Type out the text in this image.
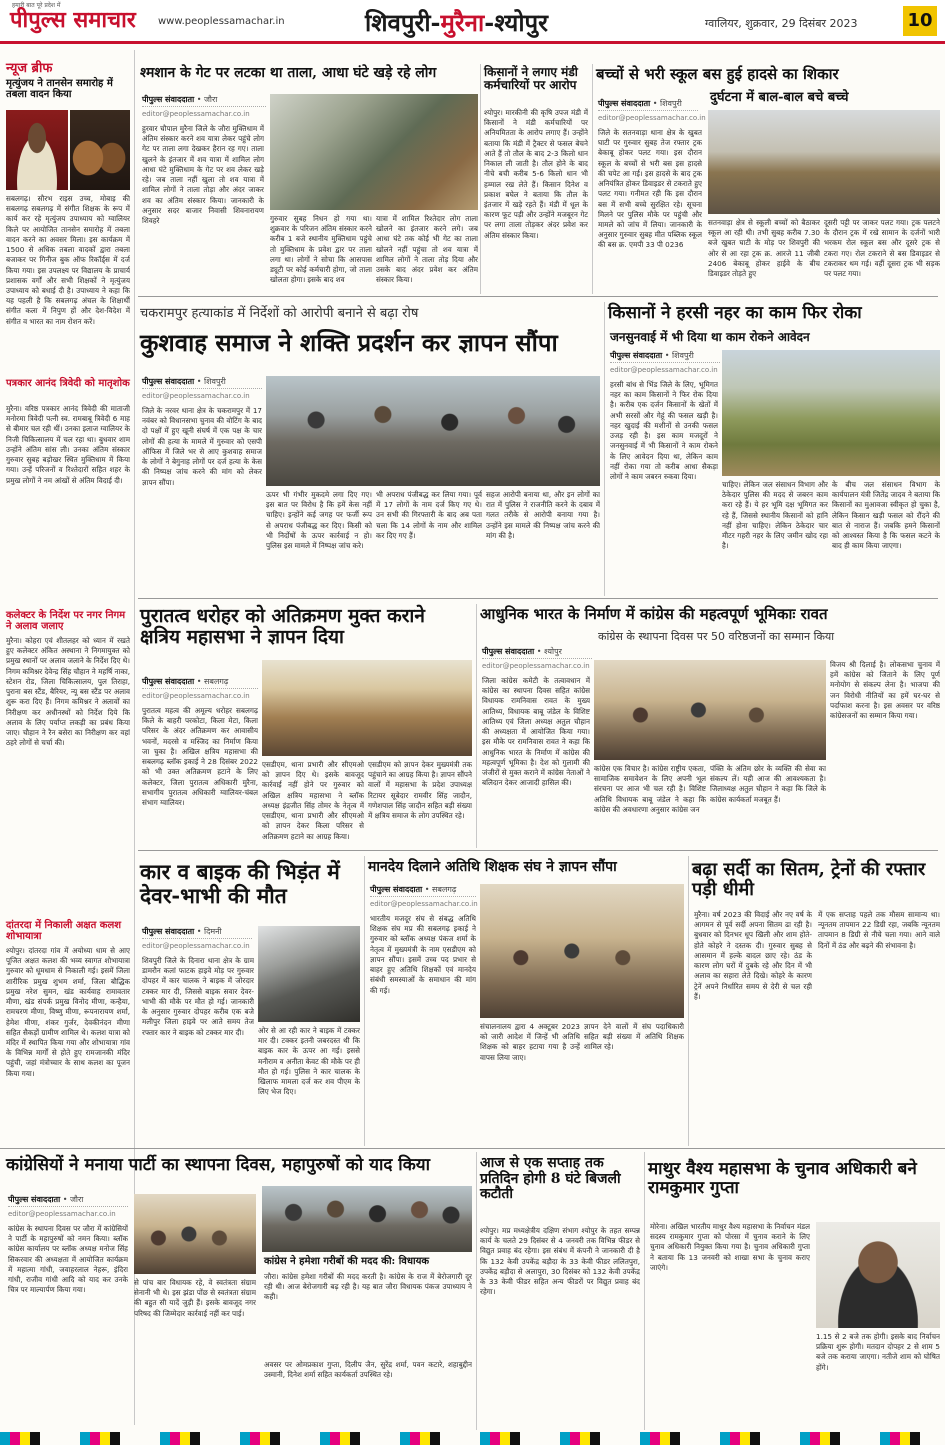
हमारी बात पूरे प्रदेश में
पीपुल्स समाचार www.peoplessamachar.in	शिवपुरी-मुरैना-श्योपुर	ग्वालियर, शुक्रवार, 29 दिसंबर 2023	10
न्यूज ब्रीफ
मृत्युंजय ने तानसेन समारोह में तबला वादन किया
सबलगढ़। सौरभ राइस उच्च, मोबाइ की सबलगढ़ सबलगढ़ में संगीत शिक्षक के रूप में कार्य कर रहे मृत्युंजय उपाध्याय को ग्वालियर किले पर आयोजित तानसेन समारोह में तबला वादन करने का अवसर मिला। इस कार्यक्रम में 1500 से अधिक तबला वादकों द्वारा तबला बजाकर पर गिनीज बुक ऑफ रिकॉर्ड्स में दर्ज किया गया। इस उपलक्ष्य पर विद्यालय के प्राचार्य प्रशासक वर्गों और सभी शिक्षकों ने मृत्युंजय उपाध्याय को बधाई दी है। उपाध्याय ने कहा कि यह पहली है कि सबलगढ़ अंचल के शिक्षार्थी संगीत कला में निपुण हों और देश-विदेश में संगीत व भारत का नाम रोशन करें।
पत्रकार आनंद त्रिवेदी को मातृशोक
मुरैना। वरिष्ठ पत्रकार आनंद त्रिवेदी की माताजी मनोरमा त्रिवेदी पत्नी स्व. रामबाबू त्रिवेदी 6 माह से बीमार चल रही थीं। उनका इलाज ग्वालियर के निजी चिकित्सालय में चल रहा था। बुधवार शाम उन्होंने अंतिम सांस ली। उनका अंतिम संस्कार गुरुवार सुबह बड़ोखर स्थित मुक्तिधाम में किया गया। उन्हें परिजनों व रिश्तेदारों सहित शहर के प्रमुख लोगों ने नम आंखों से अंतिम विदाई दी।
कलेक्टर के निर्देश पर नगर निगम ने अलाव जलाए
मुरैना। कोहरा एवं शीतलहर को ध्यान में रखते हुए कलेक्टर अंकित अस्थाना ने निगमायुक्त को प्रमुख स्थानों पर अलाव जलाने के निर्देश दिए थे। निगम कमिश्नर देवेन्द्र सिंह चौहान ने महर्षि नाका, स्टेशन रोड, जिला चिकित्सालय, पुल तिराहा, पुराना बस स्टैंड, बैरियर, न्यू बस स्टैंड पर अलाव शुरू करा दिए हैं। निगम कमिश्नर ने अलावों का निरीक्षण कर अधीनस्थों को निर्देश दिये कि अलाव के लिए पर्याप्त लकड़ी का प्रबंध किया जाए। चौहान ने रैन बसेरा का निरीक्षण कर वहां ठहरे लोगों से चर्चा की।
दांतरदा में निकाली अक्षत कलश शोभायात्रा
श्योपुर। दांतरदा गांव में अयोध्या धाम से आए पूजित अक्षत कलश की भव्य स्वागत शोभायात्रा गुरुवार को धूमधाम से निकाली गई। इसमें जिला शारीरिक प्रमुख शुभम शर्मा, जिला बौद्धिक प्रमुख नरेश सुमन, खंड कार्यवाह रामावतार मीणा, खंड संपर्क प्रमुख विनोद मीणा, कन्हैया, रामचरण मीणा, विष्णु मीणा, रूपनारायण शर्मा, हेमेश मीणा, शंकर गुर्जर, देवकीनंदन मीणा सहित सैकड़ों ग्रामीण शामिल थे। कलश यात्रा को मंदिर में स्थापित किया गया और शोभायात्रा गांव के विभिन्न मार्गों से होते हुए रामजानकी मंदिर पहुंची, जहां मंत्रोच्चार के साथ कलश का पूजन किया गया।
श्मशान के गेट पर लटका था ताला, आधा घंटे खड़े रहे लोग
पीपुल्स संवाददाता • जौरा
editor@peoplessamachar.co.in
हुरवार चौपाल मुरैना जिले के जौरा मुक्तिधाम में अंतिम संस्कार करने शव यात्रा लेकर पहुंचे लोग गेट पर ताला लगा देखकर हैरान रह गए। ताला खुलने के इंतजार में शव यात्रा में शामिल लोग आधा घंटे मुक्तिधाम के गेट पर शव लेकर खड़े रहे। जब ताला नहीं खुला तो शव यात्रा में शामिल लोगों ने ताला तोड़ा और अंदर जाकर शव का अंतिम संस्कार किया। जानकारी के अनुसार सदर बाजार निवासी शिवनारायण शिवहरे	गुरुवार सुबह निधन हो गया था। शुक्रवार के परिजन अंतिम संस्कार करने करीब 1 बजे स्थानीय मुक्तिधाम पहुंचे तो मुक्तिधाम के प्रवेश द्वार पर ताला लगा था। लोगों ने सोचा कि आसपास ड्यूटी पर कोई कर्मचारी होगा, जो ताला खोलता होगा। इसके बाद शव
यात्रा में शामिल रिश्तेदार लोग ताला खोलने का इंतजार करने लगे। जब आधा घंटे तक कोई भी गेट का ताला खोलने नहीं पहुंचा तो शव यात्रा में शामिल लोगों ने ताला तोड़ दिया और उसके बाद अंदर प्रवेश कर अंतिम संस्कार किया।
किसानों ने लगाए मंडी कर्मचारियों पर आरोप
श्योपुर। मारकीनी की कृषि उपज मंडी में किसानों ने मंडी कर्मचारियों पर अनियमितता के आरोप लगाए हैं। उन्होंने बताया कि मंडी में ट्रैक्टर से फसल बेचने आते हैं तो तौल के बाद 2-3 किलो धान निकाल ली जाती है। तौल होने के बाद नीचे बची करीब 5-6 किलो धान भी हम्माल रख लेते हैं। किसान दिनेश व प्रकाश बघेल ने बताया कि तौल के इंतजार में खड़े रहते हैं। मंडी में धूल के कारण फूट पड़ी और उन्होंने मजबूरन गेट पर लगा ताला तोड़कर अंदर प्रवेश कर अंतिम संस्कार किया।
बच्चों से भरी स्कूल बस हुई हादसे का शिकार
दुर्घटना में बाल-बाल बचे बच्चे
पीपुल्स संवाददाता • शिवपुरी
editor@peoplessamachar.co.in
जिले के सतनवाड़ा थाना क्षेत्र के खुबत घाटी पर गुरुवार सुबह तेज रफ्तार ट्रक बेकाबू होकर पलट गया। इस दौरान स्कूल के बच्चों से भरी बस इस हादसे की चपेट आ गई। इस हादसे के बाद ट्रक अनियंत्रित होकर डिवाइडर से टकराते हुए पलट गया। गनीमत रही कि इस दौरान बस में सभी बच्चे सुरक्षित रहे। सूचना मिलने पर पुलिस मौके पर पहुंची और मामले को जांच में लिया। जानकारी के अनुसार गुरुवार सुबह मीत पब्लिक स्कूल की बस क्र. एमपी 33 पी 0236
सतनवाड़ा क्षेत्र से स्कूली बच्चों को बैठाकर स्कूल आ रही थी। तभी सुबह करीब 7.30 बजे खुबत घाटी के मोड़ पर शिवपुरी की ओर से आ रहा ट्रक क्र. आरजे 11 जीबी 2406 बेकाबू होकर हाईवे के बीच डिवाइडर तोड़ते हुए
दूसरी पट्टी पर जाकर पलट गया। ट्रक पलटने के दौरान ट्रक में रखे सामान के दर्जनों भारी भरकम रोल स्कूल बस और दूसरे ट्रक से टकरा गए। रोल टकराने से बस डिवाइडर से टकराकर थम गई। वहीं दूसरा ट्रक भी सड़क पर पलट गया।
चकरामपुर हत्याकांड में निर्देशों को आरोपी बनाने से बढ़ा रोष
कुशवाह समाज ने शक्ति प्रदर्शन कर ज्ञापन सौंपा
पीपुल्स संवाददाता • शिवपुरी
editor@peoplessamachar.co.in
जिले के नरवर थाना क्षेत्र के चकरामपुर में 17 नवंबर को विधानसभा चुनाव की वोटिंग के बाद दो पक्षों में हुए खूनी संघर्ष में एक पक्ष के चार लोगों की हत्या के मामले में गुरुवार को एसपी ऑफिस में जिले भर से आए कुशवाह समाज के लोगों ने बेगुनाह लोगों पर दर्ज हत्या के केस की निष्पक्ष जांच करने की मांग को लेकर ज्ञापन सौंपा।
ऊपर भी गंभीर मुकदमे लगा दिए गए। इस बात पर विरोध है कि हमें केस नहीं चाहिए। इन्होंने कई जगह पर फर्जी रूप से अपराध पंजीबद्ध कर दिए। किसी को भी निर्दोषों के ऊपर कार्रवाई न हो। पुलिस इस मामले में निष्पक्ष जांच करे।
भी अपराध पंजीबद्ध कर लिया गया। पूर्व में 17 लोगों के नाम दर्ज किए गए थे। उन सभी की गिरफ्तारी के बाद अब पता चला कि 14 लोगों के नाम और शामिल कर दिए गए हैं।
सहज आरोपी बनाया था, और इन लोगों का रात में पुलिस ने राजनीति करने के दबाव में गलत तरीके से आरोपी बनाया गया है। उन्होंने इस मामले की निष्पक्ष जांच करने की मांग की है।
किसानों ने हरसी नहर का काम फिर रोका
जनसुनवाई में भी दिया था काम रोकने आवेदन
पीपुल्स संवाददाता • शिवपुरी
editor@peoplessamachar.co.in
हरसी बांध से भिंड जिले के लिए, भूमिगत नहर का काम किसानों ने फिर रोक दिया है। करीब एक दर्जन किसानों के खेतों में अभी सरसों और गेहूं की फसल खड़ी है। नहर खुदाई की मशीनों से उनकी फसल उजड़ रही है। इस काम मजदूरों ने जनसुनवाई में भी किसानों ने काम रोकने के लिए आवेदन दिया था, लेकिन काम नहीं रोका गया तो करीब आधा सैकड़ा लोगों ने काम जबरन रुकवा दिया।
चाहिए। लेकिन जल संसाधन विभाग और ठेकेदार पुलिस की मदद से जबरन काम करा रहे हैं। ये हर भूमि दक्ष भूमिगत कर रहे हैं, जिससे स्थानीय किसानों को हानि नहीं होना चाहिए। लेकिन ठेकेदार चार मीटर गहरी नहर के लिए जमीन खोद रहा है।
के बीच जल संसाधन विभाग के कार्यपालन यंत्री जितेंद्र जादव ने बताया कि किसानों का मुआवजा स्वीकृत हो चुका है, लेकिन किसान खड़ी फसल को रौंदने की बात से नाराज हैं। जबकि हमने किसानों को आश्वस्त किया है कि फसल कटने के बाद ही काम किया जाएगा।
पुरातत्व धरोहर को अतिक्रमण मुक्त कराने क्षत्रिय महासभा ने ज्ञापन दिया
पीपुल्स संवाददाता • सबलगढ़
editor@peoplessamachar.co.in
पुरातत्व महत्व की अमूल्य धरोहर सबलगढ़ किले के बाहरी परकोटा, किला मेटा, किला परिसर के अंदर अतिक्रमण कर आवासीय भवनों, मदरसे व मस्जिद का निर्माण किया जा चुका है। अखिल क्षत्रिय महासभा की सबलगढ़ ब्लॉक इकाई ने 28 दिसंबर 2022 को भी उक्त अतिक्रमण हटाने के लिए कलेक्टर, जिला पुरातत्व अधिकारी मुरैना, सभागीय पुरातत्व अधिकारी ग्वालियर-चंबल संभाग ग्वालियर।
एसडीएम, थाना प्रभारी और सीएमओ को ज्ञापन दिए थे। इसके बावजूद कार्रवाई नहीं होने पर गुरुवार को अखिल क्षत्रिय महासभा ने ब्लॉक अध्यक्ष इंद्रजीत सिंह तोमर के नेतृत्व में एसडीएम, थाना प्रभारी और सीएमओ को ज्ञापन देकर किला परिसर से अतिक्रमण हटाने का आग्रह किया।
एसडीएम को ज्ञापन देकर मुख्यमंत्री तक पहुंचाने का आग्रह किया है। ज्ञापन सौंपने वालों में महासभा के प्रदेश उपाध्यक्ष रिटायर सूबेदार रामवीर सिंह जादौन, गणेशपाल सिंह जादौन सहित बड़ी संख्या में क्षत्रिय समाज के लोग उपस्थित रहे।
आधुनिक भारत के निर्माण में कांग्रेस की महत्वपूर्ण भूमिकाः रावत
कांग्रेस के स्थापना दिवस पर 50 वरिष्ठजनों का सम्मान किया
पीपुल्स संवाददाता • श्योपुर
editor@peoplessamachar.co.in
जिला कांग्रेस कमेटी के तत्वावधान में कांग्रेस का स्थापना दिवस सहित कांग्रेस विधायक रामनिवास रावत के मुख्य आतिथ्य, विधायक बाबू जंडेल के विशिष्ट आतिथ्य एवं जिला अध्यक्ष अतुल चौहान की अध्यक्षता में आयोजित किया गया। इस मौके पर रामनिवास रावत ने कहा कि आधुनिक भारत के निर्माण में कांग्रेस की महत्वपूर्ण भूमिका है। देश को गुलामी की जंजीरों से मुक्त कराने में कांग्रेस नेताओं ने बलिदान देकर आजादी हासिल की।
कांग्रेस एक विचार है। कांग्रेस राष्ट्रीय एकता, सामाजिक समावेशन के लिए अपनी भूल संरचना पर आज भी चल रही है। विशिष्ट अतिथि विधायक बाबू जंडेल ने कहा कि कांग्रेस की अवधारणा अनुसार कांग्रेस जन
पंक्ति के अंतिम छोर के व्यक्ति की सेवा का संकल्प लें। यही आज की आवश्यकता है। जिलाध्यक्ष अतुल चौहान ने कहा कि जिले के कांग्रेस कार्यकर्ता मजबूत हैं।
विजय श्री दिलाई है। लोकसभा चुनाव में हमें कांग्रेस को जिताने के लिए पूर्ण मनोयोग से संकल्प लेना है। भाजपा की जन विरोधी नीतियों का हमें घर-घर से पर्दाफाश करना है। इस अवसर पर वरिष्ठ कांग्रेसजनों का सम्मान किया गया।
कार व बाइक की भिड़ंत में देवर-भाभी की मौत
पीपुल्स संवाददाता • दिमनी
editor@peoplessamachar.co.in
शिवपुरी जिले के दिनारा थाना क्षेत्र के ग्राम डामरौन कलां फाटक हाइवे मोड़ पर गुरुवार दोपहर में कार चालक ने बाइक में जोरदार टक्कर मार दी, जिससे बाइक सवार देवर-भाभी की मौके पर मौत हो गई। जानकारी के अनुसार गुरुवार दोपहर करीब एक बजे मलीपुर जिला हाइवे पर आते समय तेज रफ्तार कार ने बाइक को टक्कर मार दी।	ओर से आ रही कार ने बाइक में टक्कर मार दी। टक्कर इतनी जबरदस्त थी कि बाइक कार के ऊपर आ गई। इससे मनीराम व अनीता केवट की मौके पर ही मौत हो गई। पुलिस ने कार चालक के खिलाफ मामला दर्ज कर शव पीएम के लिए भेज दिए।
मानदेय दिलाने अतिथि शिक्षक संघ ने ज्ञापन सौंपा
पीपुल्स संवाददाता • सबलगढ़
editor@peoplessamachar.co.in
भारतीय मजदूर संघ से संबद्ध अतिथि शिक्षक संघ मप्र की सबलगढ़ इकाई ने गुरुवार को ब्लॉक अध्यक्ष पंकज शर्मा के नेतृत्व में मुख्यमंत्री के नाम एसडीएम को ज्ञापन सौंपा। इसमें उच्च पद प्रभार से बाहर हुए अतिथि शिक्षकों एवं मानदेय संबंधी समस्याओं के समाधान की मांग की गई।
संचालनालय द्वारा 4 अक्टूबर 2023 को जारी आदेश में जिन्हें भी अतिथि शिक्षक को बाहर हटाया गया है उन्हें वापस लिया जाए।
ज्ञापन देने वालों में संघ पदाधिकारी सहित बड़ी संख्या में अतिथि शिक्षक शामिल रहे।
बढ़ा सर्दी का सितम, ट्रेनों की रफ्तार पड़ी धीमी
मुरैना। वर्ष 2023 की विदाई और नए वर्ष के आगमन से पूर्व सर्दी अपना सितम ढा रही है। बुधवार को दिनभर धूप खिली और शाम होते-होते कोहरे ने दस्तक दी। गुरुवार सुबह से आसमान में हल्के बादल छाए रहे। ठंड के कारण लोग घरों में दुबके रहे और दिन में भी अलाव का सहारा लेते दिखे। कोहरे के कारण ट्रेनें अपने निर्धारित समय से देरी से चल रही हैं।
में एक सप्ताह पहले तक मौसम सामान्य था। न्यूनतम तापमान 22 डिग्री रहा, जबकि न्यूनतम तापमान 8 डिग्री से नीचे चला गया। आने वाले दिनों में ठंड और बढ़ने की संभावना है।
कांग्रेसियों ने मनाया पार्टी का स्थापना दिवस, महापुरुषों को याद किया
पीपुल्स संवाददाता • जौरा
editor@peoplessamachar.co.in
कांग्रेस के स्थापना दिवस पर जौरा में कांग्रेसियों ने पार्टी के महापुरुषों को नमन किया। ब्लॉक कांग्रेस कार्यालय पर ब्लॉक अध्यक्ष मनोज सिंह सिकरवार की अध्यक्षता में आयोजित कार्यक्रम में महात्मा गांधी, जवाहरलाल नेहरू, इंदिरा गांधी, राजीव गांधी आदि को याद कर उनके चित्र पर माल्यार्पण किया गया।
से पांच बार विधायक रहे, वे स्वतंत्रता संग्राम सेनानी भी थे। इस झंडा पोंछ से स्वतंत्रता संग्राम की बहुत सी यादें जुड़ी हैं। इसके बावजूद नगर परिषद की जिम्मेदार कार्रवाई नहीं कर पाई।
कांग्रेस ने हमेशा गरीबों की मदद की: विधायक
जौरा। कांग्रेस हमेशा गरीबों की मदद करती है। कांग्रेस के राज में बेरोजगारी दूर रही थी। आज बेरोजगारी बढ़ रही है। यह बात जौरा विधायक पंकज उपाध्याय ने कही।
अवसर पर ओमप्रकाश गुप्ता, दिलीप जैन, सुरेंद्र शर्मा, पवन कटारे, शहाबुद्दीन उस्मानी, दिनेश शर्मा सहित कार्यकर्ता उपस्थित रहे।
आज से एक सप्ताह तक प्रतिदिन होगी 8 घंटे बिजली कटौती
श्योपुर। मप्र मध्यक्षेत्रीय दक्षिण संभाग श्योपुर के तहत सम्पन्न कार्य के चलते 29 दिसंबर से 4 जनवरी तक विभिन्न फीडर से विद्युत प्रवाह बंद रहेगा। इस संबंध में कंपनी ने जानकारी दी है कि 132 केवी उपकेंद्र बड़ौदा के 33 केवी फीडर ललितपुरा, उपकेंद्र बड़ौदा से अलापुरा, 30 दिसंबर को 132 केवी उपकेंद्र के 33 केवी फीडर सहित अन्य फीडरों पर विद्युत प्रवाह बंद रहेगा।
माथुर वैश्य महासभा के चुनाव अधिकारी बने रामकुमार गुप्ता
मोरेना। अखिल भारतीय माथुर वैश्य महासभा के निर्वाचन मंडल सदस्य रामकुमार गुप्ता को पोरसा में चुनाव कराने के लिए चुनाव अधिकारी नियुक्त किया गया है। चुनाव अधिकारी गुप्ता ने बताया कि 13 जनवरी को शाखा सभा के चुनाव कराए जाएंगे।
1.15 से 2 बजे तक होगी। इसके बाद निर्वाचन प्रक्रिया शुरू होगी। मतदान दोपहर 2 से शाम 5 बजे तक कराया जाएगा। नतीजे शाम को घोषित होंगे।
